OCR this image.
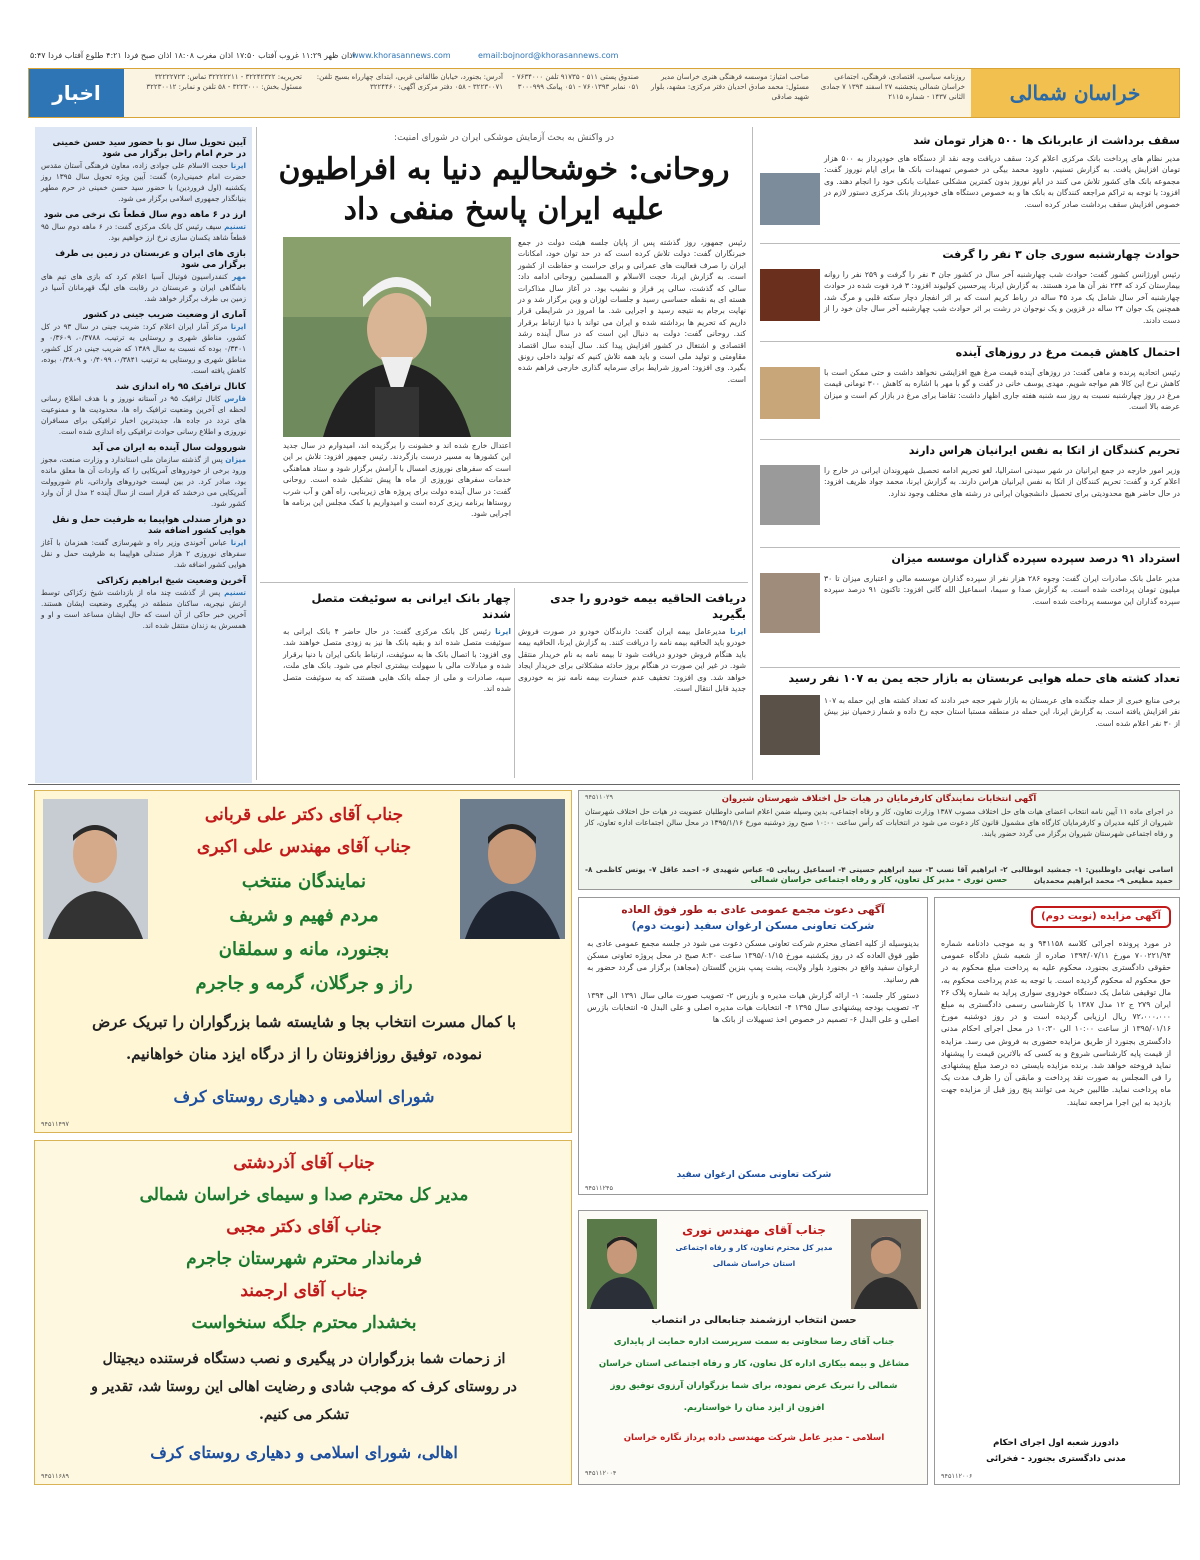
اذان ظهر ۱۱:۲۹ غروب آفتاب ۱۷:۵۰ اذان مغرب ۱۸:۰۸ اذان صبح فردا ۴:۲۱ طلوع آفتاب فردا ۵:۴۷
www.khorasannews.com	email:bojnord@khorasannews.com
خراسان شمالی
روزنامه سیاسی، اقتصادی، فرهنگی، اجتماعی خراسان شمالی پنجشنبه ۲۷ اسفند ۱۳۹۴ ۷ جمادی الثانی ۱۴۳۷ - شماره ۲۱۱۵
صاحب امتیاز: موسسه فرهنگی هنری خراسان مدیر مسئول: محمد صادق احدیان دفتر مرکزی: مشهد، بلوار شهید صادقی
صندوق پستی ۵۱۱ - ۹۱۷۳۵ تلفن ۷۶۳۴۰۰۰ - ۰۵۱ نمابر ۷۶۰۱۳۹۳ - ۰۵۱ پیامک ۳۰۰۰۹۹۹
آدرس: بجنورد، خیابان طالقانی غربی، ابتدای چهارراه بسیج تلفن: ۳۲۲۳۰۰۷۱ - ۰۵۸ دفتر مرکزی آگهی: ۳۲۲۴۴۶۰
تحریریه: ۳۲۲۴۲۳۲۲ - ۳۲۲۲۲۲۱۱ تماس: ۳۲۲۲۲۷۲۳ مسئول بخش: ۳۲۲۳۰۰۰ - ۵۸ تلفن و نمابر: ۳۲۲۳۰۰۱۲
اخبار
آیین تحویل سال نو با حضور سید حسن خمینی در حرم امام راحل برگزار می شود

ایرنا حجت الاسلام علی جوادی زاده، معاون فرهنگی آستان مقدس حضرت امام خمینی(ره) گفت: آیین ویژه تحویل سال ۱۳۹۵ روز یکشنبه (اول فروردین) با حضور سید حسن خمینی در حرم مطهر بنیانگذار جمهوری اسلامی برگزار می شود.

ارز در ۶ ماهه دوم سال قطعاً تک نرخی می شود

تسنیم سیف رئیس کل بانک مرکزی گفت: در ۶ ماهه دوم سال ۹۵ قطعاً شاهد یکسان سازی نرخ ارز خواهیم بود.

بازی های ایران و عربستان در زمین بی طرف برگزار می شود

مهر کنفدراسیون فوتبال آسیا اعلام کرد که بازی های تیم های باشگاهی ایران و عربستان در رقابت های لیگ قهرمانان آسیا در زمین بی طرف برگزار خواهد شد.

آماری از وضعیت ضریب جینی در کشور

ایرنا مرکز آمار ایران اعلام کرد: ضریب جینی در سال ۹۳ در کل کشور، مناطق شهری و روستایی به ترتیب، ۰/۳۷۸۸، ۰/۳۶۰۹ و ۰/۳۴۰۱ بوده که نسبت به سال ۱۳۸۹ که ضریب جینی در کل کشور، مناطق شهری و روستایی به ترتیب ۰/۳۸۴۱، ۰/۴۰۹۹ و ۰/۳۸۰۹ بوده، کاهش یافته است.

کانال ترافیک ۹۵ راه اندازی شد

فارس کانال ترافیک ۹۵ در آستانه نوروز و با هدف اطلاع رسانی لحظه ای آخرین وضعیت ترافیک راه ها، محدودیت ها و ممنوعیت های تردد در جاده ها، جدیدترین اخبار ترافیکی برای مسافران نوروزی و اطلاع رسانی حوادث ترافیکی راه اندازی شده است.

شوروولت سال آینده به ایران می آید

میزان پس از گذشته سازمان ملی استاندارد و وزارت صنعت، مجوز ورود برخی از خودروهای آمریکایی را که واردات آن ها معلق مانده بود، صادر کرد. در بین لیست خودروهای وارداتی، نام شوروولت آمریکایی می درخشد که قرار است از سال آینده ۲ مدل از آن وارد کشور شود.

دو هزار صندلی هواپیما به ظرفیت حمل و نقل هوایی کشور اضافه شد

ایرنا عباس آخوندی وزیر راه و شهرسازی گفت: همزمان با آغاز سفرهای نوروزی ۲ هزار صندلی هواپیما به ظرفیت حمل و نقل هوایی کشور اضافه شد.

آخرین وضعیت شیخ ابراهیم زکزاکی

تسنیم پس از گذشت چند ماه از بازداشت شیخ زکزاکی توسط ارتش نیجریه، ساکنان منطقه در پیگیری وضعیت ایشان هستند. آخرین خبر حاکی از آن است که حال ایشان مساعد است و او و همسرش به زندان منتقل شده اند.

در واکنش به بحث آزمایش موشکی ایران در شورای امنیت:
روحانی: خوشحالیم دنیا به افراطیون
علیه ایران پاسخ منفی داد
رئیس جمهور، روز گذشته پس از پایان جلسه هیئت دولت در جمع خبرنگاران گفت: دولت تلاش کرده است که در حد توان خود، امکانات ایران را صرف فعالیت های عمرانی و برای حراست و حفاظت از کشور است. به گزارش ایرنا، حجت الاسلام و المسلمین روحانی ادامه داد: سالی که گذشت، سالی پر فراز و نشیب بود. در آغاز سال مذاکرات هسته ای به نقطه حساسی رسید و جلسات لوزان و وین برگزار شد و در نهایت برجام به نتیجه رسید و اجرایی شد. ما امروز در شرایطی قرار داریم که تحریم ها برداشته شده و ایران می تواند با دنیا ارتباط برقرار کند. روحانی گفت: دولت به دنبال این است که در سال آینده رشد اقتصادی و اشتغال در کشور افزایش پیدا کند. سال آینده سال اقتصاد مقاومتی و تولید ملی است و باید همه تلاش کنیم که تولید داخلی رونق بگیرد. وی افزود: امروز شرایط برای سرمایه گذاری خارجی فراهم شده است.
اعتدال خارج شده اند و خشونت را برگزیده اند، امیدوارم در سال جدید این کشورها به مسیر درست بازگردند. رئیس جمهور افزود: تلاش بر این است که سفرهای نوروزی امسال با آرامش برگزار شود و ستاد هماهنگی خدمات سفرهای نوروزی از ماه ها پیش تشکیل شده است. روحانی گفت: در سال آینده دولت برای پروژه های زیربنایی، راه آهن و آب شرب روستاها برنامه ریزی کرده است و امیدواریم با کمک مجلس این برنامه ها اجرایی شود.
دریافت الحاقیه بیمه خودرو را جدی بگیرید
ایرنا مدیرعامل بیمه ایران گفت: دارندگان خودرو در صورت فروش خودرو باید الحاقیه بیمه نامه را دریافت کنند. به گزارش ایرنا، الحاقیه بیمه باید هنگام فروش خودرو دریافت شود تا بیمه نامه به نام خریدار منتقل شود. در غیر این صورت در هنگام بروز حادثه مشکلاتی برای خریدار ایجاد خواهد شد. وی افزود: تخفیف عدم خسارت بیمه نامه نیز به خودروی جدید قابل انتقال است.
چهار بانک ایرانی به سوئیفت متصل شدند
ایرنا رئیس کل بانک مرکزی گفت: در حال حاضر ۴ بانک ایرانی به سوئیفت متصل شده اند و بقیه بانک ها نیز به زودی متصل خواهند شد. وی افزود: با اتصال بانک ها به سوئیفت، ارتباط بانکی ایران با دنیا برقرار شده و مبادلات مالی با سهولت بیشتری انجام می شود. بانک های ملت، سپه، صادرات و ملی از جمله بانک هایی هستند که به سوئیفت متصل شده اند.
سقف برداشت از عابربانک ها ۵۰۰ هزار تومان شد
مدیر نظام های پرداخت بانک مرکزی اعلام کرد: سقف دریافت وجه نقد از دستگاه های خودپرداز به ۵۰۰ هزار تومان افزایش یافت. به گزارش تسنیم، داوود محمد بیگی در خصوص تمهیدات بانک ها برای ایام نوروز گفت: مجموعه بانک های کشور تلاش می کنند در ایام نوروز بدون کمترین مشکلی عملیات بانکی خود را انجام دهند. وی افزود: با توجه به تراکم مراجعه کنندگان به بانک ها و به خصوص دستگاه های خودپرداز بانک مرکزی دستور لازم در خصوص افزایش سقف برداشت صادر کرده است.
حوادث چهارشنبه سوری جان ۳ نفر را گرفت
رئیس اورژانس کشور گفت: حوادث شب چهارشنبه آخر سال در کشور جان ۳ نفر را گرفت و ۲۵۹ نفر را روانه بیمارستان کرد که ۲۳۴ نفر آن ها مرد هستند. به گزارش ایرنا، پیرحسین کولیوند افزود: ۳ فرد فوت شده در حوادث چهارشنبه آخر سال شامل یک مرد ۴۵ ساله در رباط کریم است که بر اثر انفجار دچار سکته قلبی و مرگ شد، همچنین یک جوان ۲۴ ساله در قزوین و یک نوجوان در رشت بر اثر حوادث شب چهارشنبه آخر سال جان خود را از دست دادند.
احتمال کاهش قیمت مرغ در روزهای آینده
رئیس اتحادیه پرنده و ماهی گفت: در روزهای آینده قیمت مرغ هیچ افزایشی نخواهد داشت و حتی ممکن است با کاهش نرخ این کالا هم مواجه شویم. مهدی یوسف خانی در گفت و گو با مهر با اشاره به کاهش ۳۰۰ تومانی قیمت مرغ در روز چهارشنبه نسبت به روز سه شنبه هفته جاری اظهار داشت: تقاضا برای مرغ در بازار کم است و میزان عرضه بالا است.
تحریم کنندگان از اتکا به نفس ایرانیان هراس دارند
وزیر امور خارجه در جمع ایرانیان در شهر سیدنی استرالیا، لغو تحریم ادامه تحصیل شهروندان ایرانی در خارج را اعلام کرد و گفت: تحریم کنندگان از اتکا به نفس ایرانیان هراس دارند. به گزارش ایرنا، محمد جواد ظریف افزود: در حال حاضر هیچ محدودیتی برای تحصیل دانشجویان ایرانی در رشته های مختلف وجود ندارد.
استرداد ۹۱ درصد سپرده سپرده گذاران موسسه میزان
مدیر عامل بانک صادرات ایران گفت: وجوه ۲۸۶ هزار نفر از سپرده گذاران موسسه مالی و اعتباری میزان تا ۳۰ میلیون تومان پرداخت شده است. به گزارش صدا و سیما، اسماعیل الله گانی افزود: تاکنون ۹۱ درصد سپرده سپرده گذاران این موسسه پرداخت شده است.
تعداد کشته های حمله هوایی عربستان به بازار حجه یمن به ۱۰۷ نفر رسید
برخی منابع خبری از حمله جنگنده های عربستان به بازار شهر حجه خبر دادند که تعداد کشته های این حمله به ۱۰۷ نفر افزایش یافته است. به گزارش ایرنا، این حمله در منطقه مستبا استان حجه رخ داده و شمار زخمیان نیز بیش از ۳۰ نفر اعلام شده است.
جناب آقای دکتر علی قربانی
جناب آقای مهندس علی اکبری
نمایندگان منتخب
مردم فهیم و شریف
بجنورد، مانه و سملقان
راز و جرگلان، گرمه و جاجرم
با کمال مسرت انتخاب بجا و شایسته شما بزرگواران را تبریک عرض
نموده، توفیق روزافزونتان را از درگاه ایزد منان خواهانیم.
شورای اسلامی و دهیاری روستای کرف
۹۴۵۱۱۴۹۷
جناب آقای آذردشتی
مدیر کل محترم صدا و سیمای خراسان شمالی
جناب آقای دکتر مجبی
فرماندار محترم شهرستان جاجرم
جناب آقای ارجمند
بخشدار محترم جلگه سنخواست
از زحمات شما بزرگواران در پیگیری و نصب دستگاه فرستنده دیجیتال
در روستای کرف که موجب شادی و رضایت اهالی این روستا شد، تقدیر و
تشکر می کنیم.
اهالی، شورای اسلامی و دهیاری روستای کرف
۹۴۵۱۱۶۸۹
آگهی انتخابات نمایندگان کارفرمایان در هیات حل اختلاف شهرستان شیروان
در اجرای ماده ۱۱ آیین نامه انتخاب اعضای هیات های حل اختلاف مصوب ۱۳۸۷ وزارت تعاون، کار و رفاه اجتماعی، بدین وسیله ضمن اعلام اسامی داوطلبان عضویت در هیات حل اختلاف شهرستان شیروان از کلیه مدیران و کارفرمایان کارگاه های مشمول قانون کار دعوت می شود در انتخابات که رأس ساعت ۱۰:۰۰ صبح روز دوشنبه مورخ ۱۳۹۵/۱/۱۶ در محل سالن اجتماعات اداره تعاون، کار و رفاه اجتماعی شهرستان شیروان برگزار می گردد حضور یابند.
اسامی نهایی داوطلبین: ۱- جمشید ابوطالبی ۲- ابراهیم آقا نسب ۳- سید ابراهیم حسینی ۴- اسماعیل زیبایی ۵- عباس شهیدی ۶- احمد عاقل ۷- یونس کاظمی ۸- حمید مطیعی ۹- محمد ابراهیم محمدیان
حسن نوری - مدیر کل تعاون، کار و رفاه اجتماعی خراسان شمالی
۹۴۵۱۱۰۲۹
آگهی دعوت مجمع عمومی عادی به طور فوق العاده
شرکت تعاونی مسکن ارغوان سفید (نوبت دوم)
بدینوسیله از کلیه اعضای محترم شرکت تعاونی مسکن دعوت می شود در جلسه مجمع عمومی عادی به طور فوق العاده که در روز یکشنبه مورخ ۱۳۹۵/۰۱/۱۵ ساعت ۸:۳۰ صبح در محل پروژه تعاونی مسکن ارغوان سفید واقع در بجنورد بلوار ولایت، پشت پمپ بنزین گلستان (مجاهد) برگزار می گردد حضور به هم رسانید.
دستور کار جلسه: ۱- ارائه گزارش هیات مدیره و بازرس ۲- تصویب صورت مالی سال ۱۳۹۱ الی ۱۳۹۴ ۳- تصویب بودجه پیشنهادی سال ۱۳۹۵ ۴- انتخابات هیات مدیره اصلی و علی البدل ۵- انتخابات بازرس اصلی و علی البدل ۶- تصمیم در خصوص اخذ تسهیلات از بانک ها
شرکت تعاونی مسکن ارغوان سفید
۹۴۵۱۱۲۴۵
جناب آقای مهندس نوری
مدیر کل محترم تعاون، کار و رفاه اجتماعی
استان خراسان شمالی
حسن انتخاب ارزشمند جنابعالی در انتصاب
جناب آقای رضا سخاوتی به سمت سرپرست اداره حمایت از پایداری
مشاغل و بیمه بیکاری اداره کل تعاون، کار و رفاه اجتماعی استان خراسان
شمالی را تبریک عرض نموده، برای شما بزرگواران آرزوی توفیق روز
افزون از ایزد منان را خواستاریم.
اسلامی - مدیر عامل شرکت مهندسی داده پرداز نگاره خراسان
۹۴۵۱۱۲۰۰۴
آگهی مزایده (نوبت دوم)
در مورد پرونده اجرائی کلاسه ۹۴۱۱۵۸ و به موجب دادنامه شماره ۷۰۰۲۲۱/۹۴ مورخ ۱۳۹۴/۰۷/۱۱ صادره از شعبه شش دادگاه عمومی حقوقی دادگستری بجنورد، محکوم علیه به پرداخت مبلغ محکوم به در حق محکوم له محکوم گردیده است. با توجه به عدم پرداخت محکوم به، مال توقیفی شامل یک دستگاه خودروی سواری پراید به شماره پلاک ۲۶ ایران ۲۷۹ ج ۱۲ مدل ۱۳۸۷ با کارشناسی رسمی دادگستری به مبلغ ۷۲،۰۰۰،۰۰۰ ریال ارزیابی گردیده است و در روز دوشنبه مورخ ۱۳۹۵/۰۱/۱۶ از ساعت ۱۰:۰۰ الی ۱۰:۳۰ در محل اجرای احکام مدنی دادگستری بجنورد از طریق مزایده حضوری به فروش می رسد. مزایده از قیمت پایه کارشناسی شروع و به کسی که بالاترین قیمت را پیشنهاد نماید فروخته خواهد شد. برنده مزایده بایستی ده درصد مبلغ پیشنهادی را فی المجلس به صورت نقد پرداخت و مابقی آن را ظرف مدت یک ماه پرداخت نماید. طالبین خرید می توانند پنج روز قبل از مزایده جهت بازدید به این اجرا مراجعه نمایند.
دادورز شعبه اول اجرای احکام
مدنی دادگستری بجنورد - فخرائی
۹۴۵۱۱۲۰۰۶
